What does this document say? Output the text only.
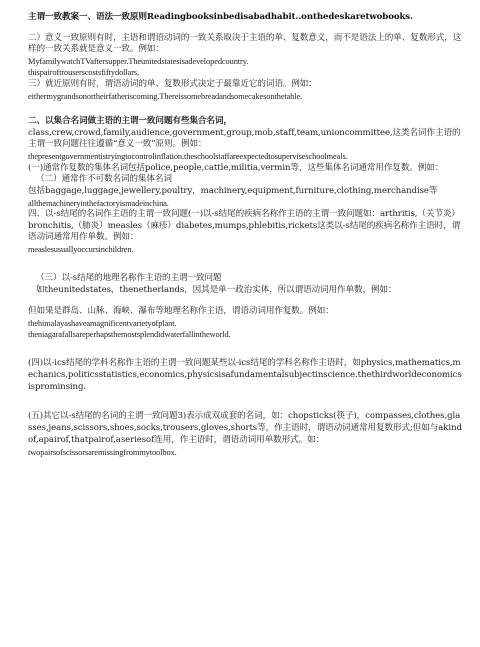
主谓一致教案一、语法一致原则Readingbooksinbedisabadhabit..onthedeskaretwobooks.
二）意义一致原则有时，主语和谓语动词的一致关系取决于主语的单、复数意义，而不是语法上的单、复数形式，这样的一致关系就是意义一致。例如：
MyfamilywatchTVaftersupper.Theunitedstatesisadevelopedcountry.
thispairoftrouserscostsfiftydollars.
三）就近原则有时，谓语动词的单、复数形式决定于最靠近它的词语。例如：
eithermygrandsonortheirfatheriscoming.Thereissomebreadandsomecakesonthetable.
二、以集合名词做主语的主谓一致问题有些集合名词，
class,crew,crowd,family,audience,government,group,mob,staff,team,unioncommittee,这类名词作主语的主谓一致问题往往遵循“意义一致”原则。例如：
thepresentgovernmentistryingtocontrolinflation.theschoolstaffareexpectedtosuperviseschoolmeals.
(一)通常作复数的集体名词包括police,people,cattle,militia,vermin等，这些集体名词通常用作复数。例如：
（二）通常作不可数名词的集体名词
包括baggage,luggage,jewellery,poultry，machinery,equipment,furniture,clothing,merchandise等
allthemachineryinthefactoryismadeinchina.
四、以-s结尾的名词作主语的主谓一致问题(一)以-s结尾的疾病名称作主语的主谓一致问题如：arthritis,（关节炎）bronchitis,（肺炎）measles（麻疹）diabetes,mumps,phlebitis,rickets这类以-s结尾的疾病名称作主语时，谓语动词通常用作单数。例如：
measlesusuallyoccursinchildren.
（三）以-s结尾的地理名称作主语的主谓一致问题
如theunitedstates，thenetherlands，因其是单一政治实体，所以谓语动词用作单数，例如：
但如果是群岛、山脉、海峡、瀑布等地理名称作主语，谓语动词用作复数。例如：
thehimalayashaveamagnificentvarietyofplant.
theniagarafallsareperhapsthemostsplendidwaterfallintheworld.
(四)以-ics结尾的学科名称作主语的主谓一致问题某些以-ics结尾的学科名称作主语时，如physics,mathematics,mechanics,politicsstatistics,economics,physicsisafundamentalsubjectinscience.thethirdworldeconomicsisprominsing.
(五)其它以-s结尾的名词的主谓一致问题3)表示成双成套的名词，如：chopsticks(筷子)，compasses,clothes,glasses,jeans,scissors,shoes,socks,trousers,gloves,shorts等，作主语时，谓语动词通常用复数形式;但如与akindof,apairof,thatpairof,aseriesof连用，作主语时，谓语动词用单数形式。如：
twopairsofscissorsaremissingfrommytoolbox.
